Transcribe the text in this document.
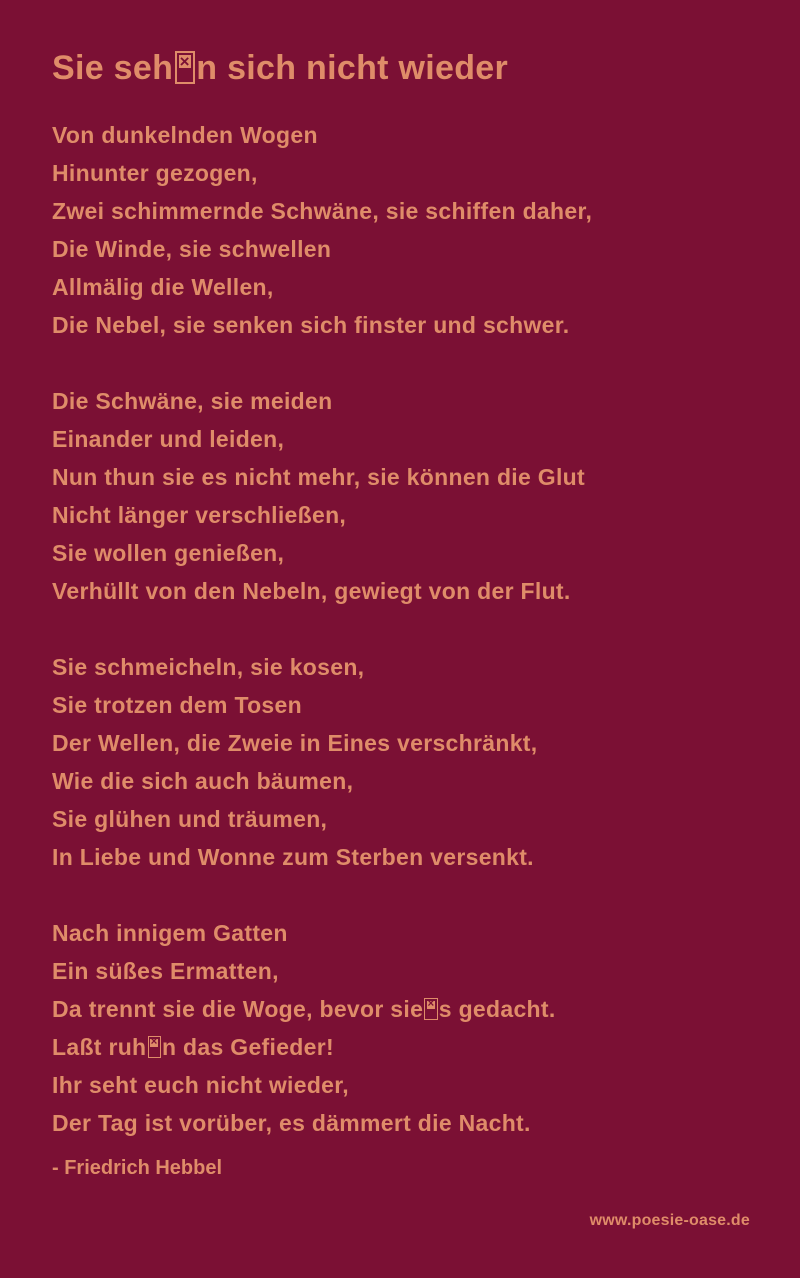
Sie seh × n sich nicht wieder
Von dunkelnden Wogen
Hinunter gezogen,
Zwei schimmernde Schwäne, sie schiffen daher,
Die Winde, sie schwellen
Allmälig die Wellen,
Die Nebel, sie senken sich finster und schwer.
Die Schwäne, sie meiden
Einander und leiden,
Nun thun sie es nicht mehr, sie können die Glut
Nicht länger verschließen,
Sie wollen genießen,
Verhüllt von den Nebeln, gewiegt von der Flut.
Sie schmeicheln, sie kosen,
Sie trotzen dem Tosen
Der Wellen, die Zweie in Eines verschränkt,
Wie die sich auch bäumen,
Sie glühen und träumen,
In Liebe und Wonne zum Sterben versenkt.
Nach innigem Gatten
Ein süßes Ermatten,
Da trennt sie die Woge, bevor sie × s gedacht.
Laßt ruh × n das Gefieder!
Ihr seht euch nicht wieder,
Der Tag ist vorüber, es dämmert die Nacht.
- Friedrich Hebbel
www.poesie-oase.de
